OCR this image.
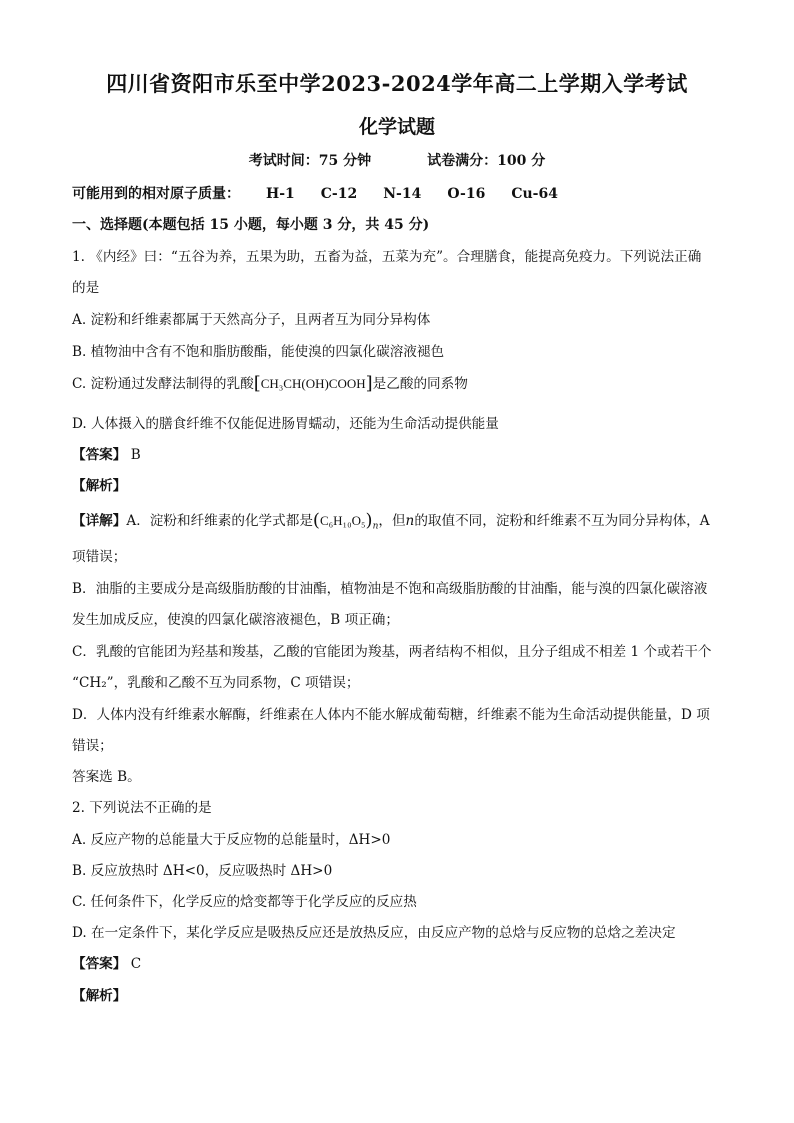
四川省资阳市乐至中学2023-2024学年高二上学期入学考试
化学试题
考试时间：75 分钟	试卷满分：100 分
可能用到的相对原子质量： H-1 C-12 N-14 O-16 Cu-64
一、选择题(本题包括 15 小题，每小题 3 分，共 45 分)
1. 《内经》曰：“五谷为养，五果为助，五畜为益，五菜为充”。合理膳食，能提高免疫力。下列说法正确
的是
A. 淀粉和纤维素都属于天然高分子，且两者互为同分异构体
B. 植物油中含有不饱和脂肪酸酯，能使溴的四氯化碳溶液褪色
C. 淀粉通过发酵法制得的乳酸[CH₃CH(OH)COOH]是乙酸的同系物
D. 人体摄入的膳食纤维不仅能促进肠胃蠕动，还能为生命活动提供能量
【答案】 B
【解析】
【详解】A．淀粉和纤维素的化学式都是$(C_6H_{10}O_5)_n$，但n的取值不同，淀粉和纤维素不互为同分异构体，A
项错误；
B．油脂的主要成分是高级脂肪酸的甘油酯，植物油是不饱和高级脂肪酸的甘油酯，能与溴的四氯化碳溶液
发生加成反应，使溴的四氯化碳溶液褪色，B 项正确；
C．乳酸的官能团为羟基和羧基，乙酸的官能团为羧基，两者结构不相似，且分子组成不相差 1 个或若干个
“CH₂”，乳酸和乙酸不互为同系物，C 项错误；
D．人体内没有纤维素水解酶，纤维素在人体内不能水解成葡萄糖，纤维素不能为生命活动提供能量，D 项
错误；
答案选 B。
2. 下列说法不正确的是
A. 反应产物的总能量大于反应物的总能量时，ΔH>0
B. 反应放热时 ΔH<0，反应吸热时 ΔH>0
C. 任何条件下，化学反应的焓变都等于化学反应的反应热
D. 在一定条件下，某化学反应是吸热反应还是放热反应，由反应产物的总焓与反应物的总焓之差决定
【答案】 C
【解析】
